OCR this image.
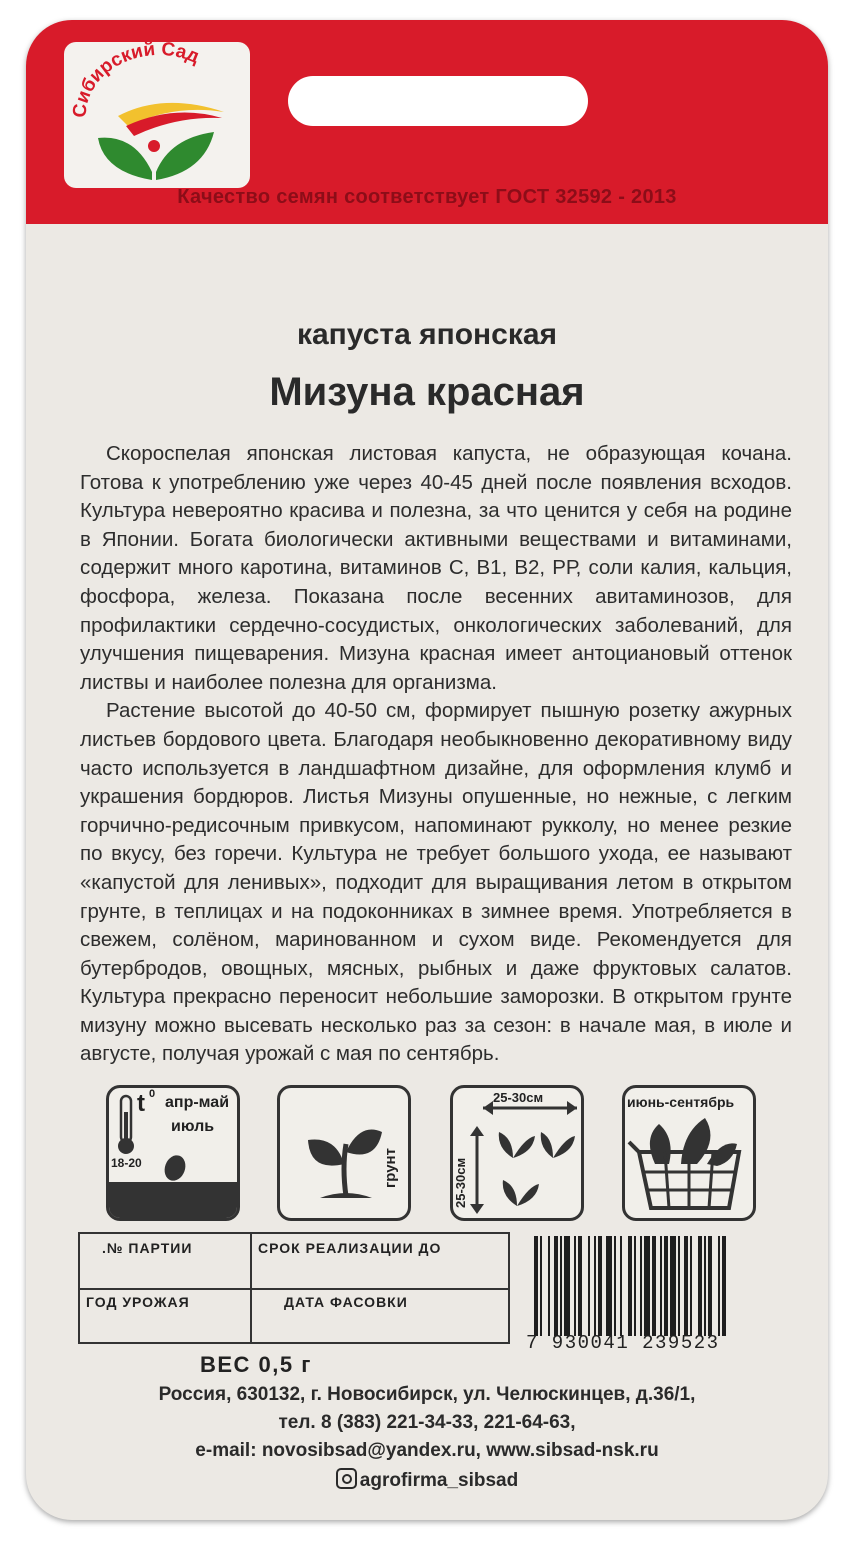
Сибирский Сад
Качество семян соответствует ГОСТ 32592 - 2013
капуста японская
Мизуна красная

Скороспелая японская листовая капуста, не образующая кочана. Готова к употреблению уже через 40-45 дней после появления всходов. Культура невероятно красива и полезна, за что ценится у себя на родине в Японии. Богата биологически активными веществами и витаминами, содержит много каротина, витаминов С, В1, В2, РР, соли калия, кальция, фосфора, железа. Показана после весенних авитаминозов, для профилактики сердечно-сосудистых, онкологических заболеваний, для улучшения пищеварения. Мизуна красная имеет антоциановый оттенок листвы и наиболее полезна для организма.

Растение высотой до 40-50 см, формирует пышную розетку ажурных листьев бордового цвета. Благодаря необыкновенно декоративному виду часто используется в ландшафтном дизайне, для оформления клумб и украшения бордюров. Листья Мизуны опушенные, но нежные, с легким горчично-редисочным привкусом, напоминают рукколу, но менее резкие по вкусу, без горечи. Культура не требует большого ухода, ее называют «капустой для ленивых», подходит для выращивания летом в открытом грунте, в теплицах и на подоконниках в зимнее время. Употребляется в свежем, солёном, маринованном и сухом виде. Рекомендуется для бутербродов, овощных, мясных, рыбных и даже фруктовых салатов. Культура прекрасно переносит небольшие заморозки. В открытом грунте мизуну можно высевать несколько раз за сезон: в начале мая, в июле и августе, получая урожай с мая по сентябрь.

t 0 апр-май
июль
18-20	грунт
25-30см
25-30см
июнь-сентябрь
.№ ПАРТИИ	СРОК РЕАЛИЗАЦИИ ДО
ГОД УРОЖАЯ	ДАТА ФАСОВКИ
7 930041 239523
ВЕС 0,5 г
Россия, 630132, г. Новосибирск, ул. Челюскинцев, д.36/1,
тел. 8 (383) 221-34-33, 221-64-63,
e-mail: novosibsad@yandex.ru, www.sibsad-nsk.ru
agrofirma_sibsad
